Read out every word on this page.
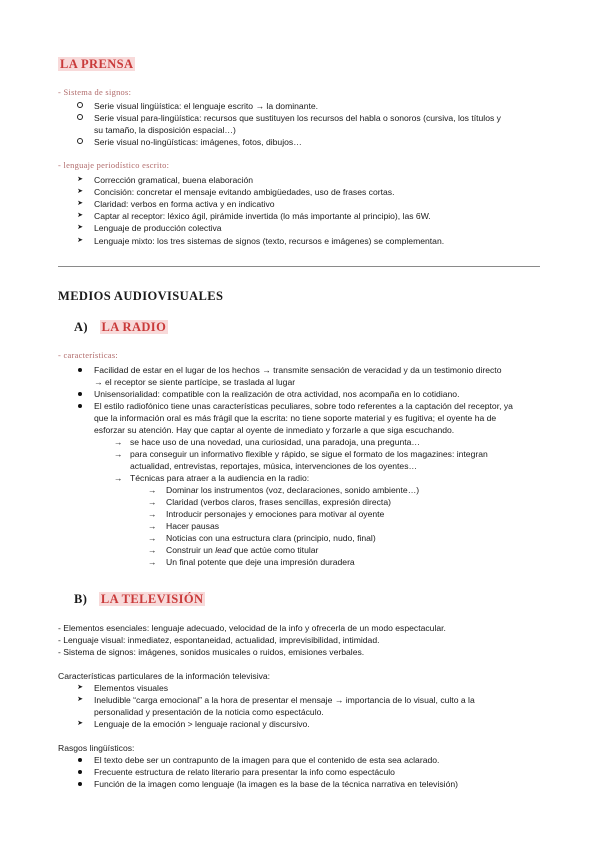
LA PRENSA
- Sistema de signos:
Serie visual lingüística: el lenguaje escrito → la dominante.
Serie visual para-lingüística: recursos que sustituyen los recursos del habla o sonoros (cursiva, los títulos y
su tamaño, la disposición espacial…)
Serie visual no-lingüísticas: imágenes, fotos, dibujos…
- lenguaje periodístico escrito:
➤	Corrección gramatical, buena elaboración
➤	Concisión: concretar el mensaje evitando ambigüedades, uso de frases cortas.
➤	Claridad: verbos en forma activa y en indicativo
➤	Captar al receptor: léxico ágil, pirámide invertida (lo más importante al principio), las 6W.
➤	Lenguaje de producción colectiva
➤	Lenguaje mixto: los tres sistemas de signos (texto, recursos e imágenes) se complementan.
MEDIOS AUDIOVISUALES
A) LA RADIO
- características:
Facilidad de estar en el lugar de los hechos → transmite sensación de veracidad y da un testimonio directo
→ el receptor se siente partícipe, se traslada al lugar
Unisensorialidad: compatible con la realización de otra actividad, nos acompaña en lo cotidiano.
El estilo radiofónico tiene unas características peculiares, sobre todo referentes a la captación del receptor, ya
que la información oral es más frágil que la escrita: no tiene soporte material y es fugitiva; el oyente ha de
esforzar su atención. Hay que captar al oyente de inmediato y forzarle a que siga escuchando.
→ se hace uso de una novedad, una curiosidad, una paradoja, una pregunta…
→ para conseguir un informativo flexible y rápido, se sigue el formato de los magazines: integran
actualidad, entrevistas, reportajes, música, intervenciones de los oyentes…
→ Técnicas para atraer a la audiencia en la radio:
→ Dominar los instrumentos (voz, declaraciones, sonido ambiente…)
→ Claridad (verbos claros, frases sencillas, expresión directa)
→ Introducir personajes y emociones para motivar al oyente
→ Hacer pausas
→ Noticias con una estructura clara (principio, nudo, final)
→ Construir un lead que actúe como titular
→ Un final potente que deje una impresión duradera
B) LA TELEVISIÓN
- Elementos esenciales: lenguaje adecuado, velocidad de la info y ofrecerla de un modo espectacular.
- Lenguaje visual: inmediatez, espontaneidad, actualidad, imprevisibilidad, intimidad.
- Sistema de signos: imágenes, sonidos musicales o ruidos, emisiones verbales.
Características particulares de la información televisiva:
➤	Elementos visuales
➤	Ineludible “carga emocional” a la hora de presentar el mensaje → importancia de lo visual, culto a la
personalidad y presentación de la noticia como espectáculo.
➤	Lenguaje de la emoción > lenguaje racional y discursivo.
Rasgos lingüísticos:
El texto debe ser un contrapunto de la imagen para que el contenido de esta sea aclarado.
Frecuente estructura de relato literario para presentar la info como espectáculo
Función de la imagen como lenguaje (la imagen es la base de la técnica narrativa en televisión)
